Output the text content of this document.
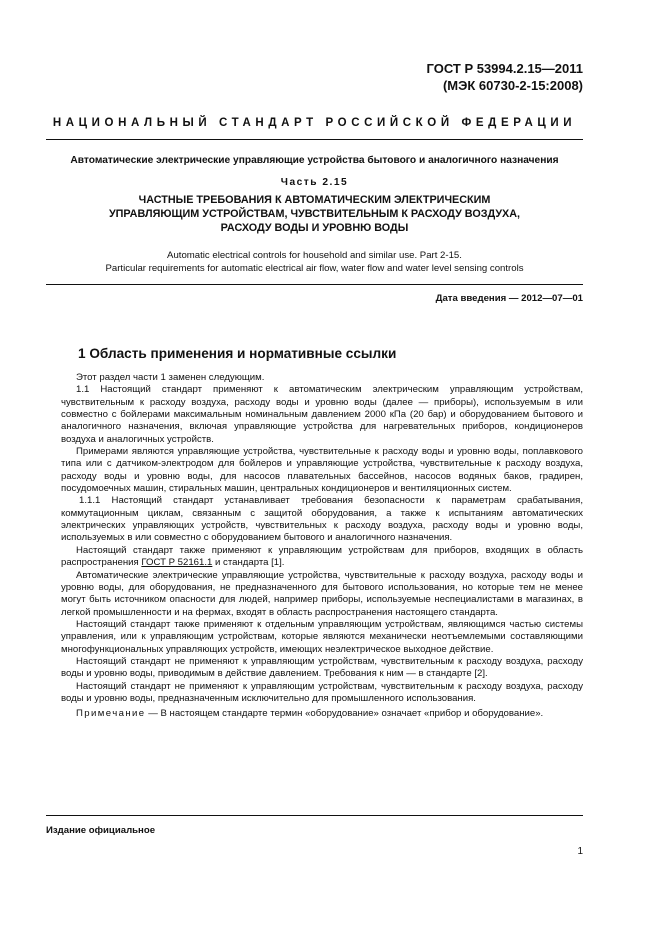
ГОСТ Р 53994.2.15—2011
(МЭК 60730-2-15:2008)
НАЦИОНАЛЬНЫЙ СТАНДАРТ РОССИЙСКОЙ ФЕДЕРАЦИИ
Автоматические электрические управляющие устройства бытового и аналогичного назначения
Часть 2.15
ЧАСТНЫЕ ТРЕБОВАНИЯ К АВТОМАТИЧЕСКИМ ЭЛЕКТРИЧЕСКИМ
УПРАВЛЯЮЩИМ УСТРОЙСТВАМ, ЧУВСТВИТЕЛЬНЫМ К РАСХОДУ ВОЗДУХА,
РАСХОДУ ВОДЫ И УРОВНЮ ВОДЫ
Automatic electrical controls for household and similar use. Part 2-15.
Particular requirements for automatic electrical air flow, water flow and water level sensing controls
Дата введения — 2012—07—01
1 Область применения и нормативные ссылки

Этот раздел части 1 заменен следующим.

1.1 Настоящий стандарт применяют к автоматическим электрическим управляющим устройствам, чувствительным к расходу воздуха, расходу воды и уровню воды (далее — приборы), используемым в или совместно с бойлерами максимальным номинальным давлением 2000 кПа (20 бар) и оборудованием бытового и аналогичного назначения, включая управляющие устройства для нагревательных приборов, кондиционеров воздуха и аналогичных устройств.

Примерами являются управляющие устройства, чувствительные к расходу воды и уровню воды, поплавкового типа или с датчиком-электродом для бойлеров и управляющие устройства, чувствительные к расходу воздуха, расходу воды и уровню воды, для насосов плавательных бассейнов, насосов водяных баков, градирен, посудомоечных машин, стиральных машин, центральных кондиционеров и вентиляционных систем.

1.1.1 Настоящий стандарт устанавливает требования безопасности к параметрам срабатывания, коммутационным циклам, связанным с защитой оборудования, а также к испытаниям автоматических электрических управляющих устройств, чувствительных к расходу воздуха, расходу воды и уровню воды, используемых в или совместно с оборудованием бытового и аналогичного назначения.

Настоящий стандарт также применяют к управляющим устройствам для приборов, входящих в область распространения ГОСТ Р 52161.1 и стандарта [1].

Автоматические электрические управляющие устройства, чувствительные к расходу воздуха, расходу воды и уровню воды, для оборудования, не предназначенного для бытового использования, но которые тем не менее могут быть источником опасности для людей, например приборы, используемые неспециалистами в магазинах, в легкой промышленности и на фермах, входят в область распространения настоящего стандарта.

Настоящий стандарт также применяют к отдельным управляющим устройствам, являющимся частью системы управления, или к управляющим устройствам, которые являются механически неотъемлемыми составляющими многофункциональных управляющих устройств, имеющих неэлектрическое выходное действие.

Настоящий стандарт не применяют к управляющим устройствам, чувствительным к расходу воздуха, расходу воды и уровню воды, приводимым в действие давлением. Требования к ним — в стандарте [2].

Настоящий стандарт не применяют к управляющим устройствам, чувствительным к расходу воздуха, расходу воды и уровню воды, предназначенным исключительно для промышленного использования.

Примечание — В настоящем стандарте термин «оборудование» означает «прибор и оборудование».

Издание официальное
1
